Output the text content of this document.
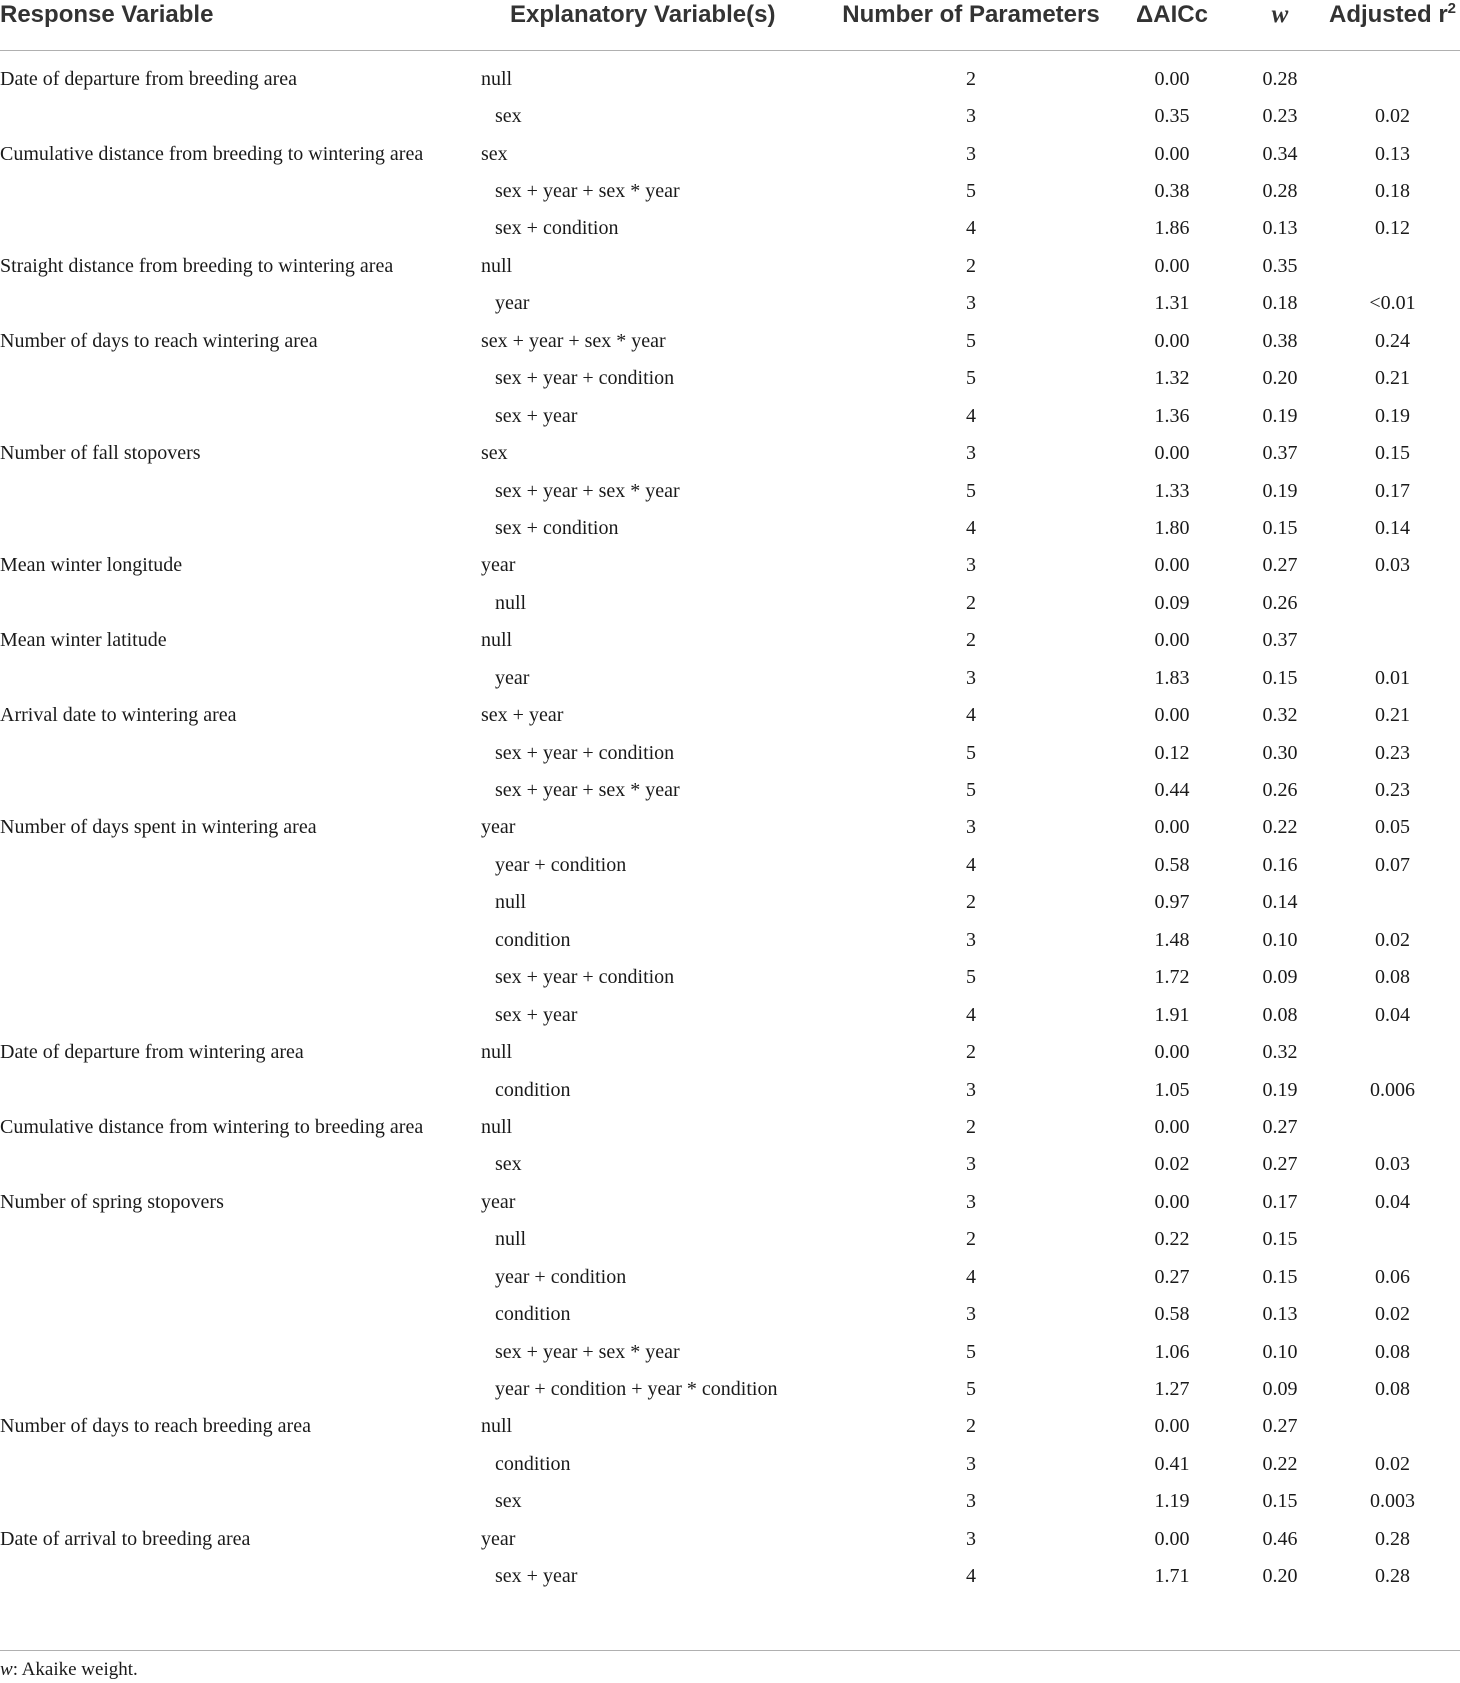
Response Variable	Explanatory Variable(s)	Number of Parameters	ΔAICc	w	Adjusted $r^2$
Date of departure from breeding area	null	2	0.00	0.28	
	sex	3	0.35	0.23	0.02
Cumulative distance from breeding to wintering area	sex	3	0.00	0.34	0.13
	sex + year + sex * year	5	0.38	0.28	0.18
	sex + condition	4	1.86	0.13	0.12
Straight distance from breeding to wintering area	null	2	0.00	0.35	
	year	3	1.31	0.18	<0.01
Number of days to reach wintering area	sex + year + sex * year	5	0.00	0.38	0.24
	sex + year + condition	5	1.32	0.20	0.21
	sex + year	4	1.36	0.19	0.19
Number of fall stopovers	sex	3	0.00	0.37	0.15
	sex + year + sex * year	5	1.33	0.19	0.17
	sex + condition	4	1.80	0.15	0.14
Mean winter longitude	year	3	0.00	0.27	0.03
	null	2	0.09	0.26	
Mean winter latitude	null	2	0.00	0.37	
	year	3	1.83	0.15	0.01
Arrival date to wintering area	sex + year	4	0.00	0.32	0.21
	sex + year + condition	5	0.12	0.30	0.23
	sex + year + sex * year	5	0.44	0.26	0.23
Number of days spent in wintering area	year	3	0.00	0.22	0.05
	year + condition	4	0.58	0.16	0.07
	null	2	0.97	0.14	
	condition	3	1.48	0.10	0.02
	sex + year + condition	5	1.72	0.09	0.08
	sex + year	4	1.91	0.08	0.04
Date of departure from wintering area	null	2	0.00	0.32	
	condition	3	1.05	0.19	0.006
Cumulative distance from wintering to breeding area	null	2	0.00	0.27	
	sex	3	0.02	0.27	0.03
Number of spring stopovers	year	3	0.00	0.17	0.04
	null	2	0.22	0.15	
	year + condition	4	0.27	0.15	0.06
	condition	3	0.58	0.13	0.02
	sex + year + sex * year	5	1.06	0.10	0.08
	year + condition + year * condition	5	1.27	0.09	0.08
Number of days to reach breeding area	null	2	0.00	0.27	
	condition	3	0.41	0.22	0.02
	sex	3	1.19	0.15	0.003
Date of arrival to breeding area	year	3	0.00	0.46	0.28
	sex + year	4	1.71	0.20	0.28
w: Akaike weight.
